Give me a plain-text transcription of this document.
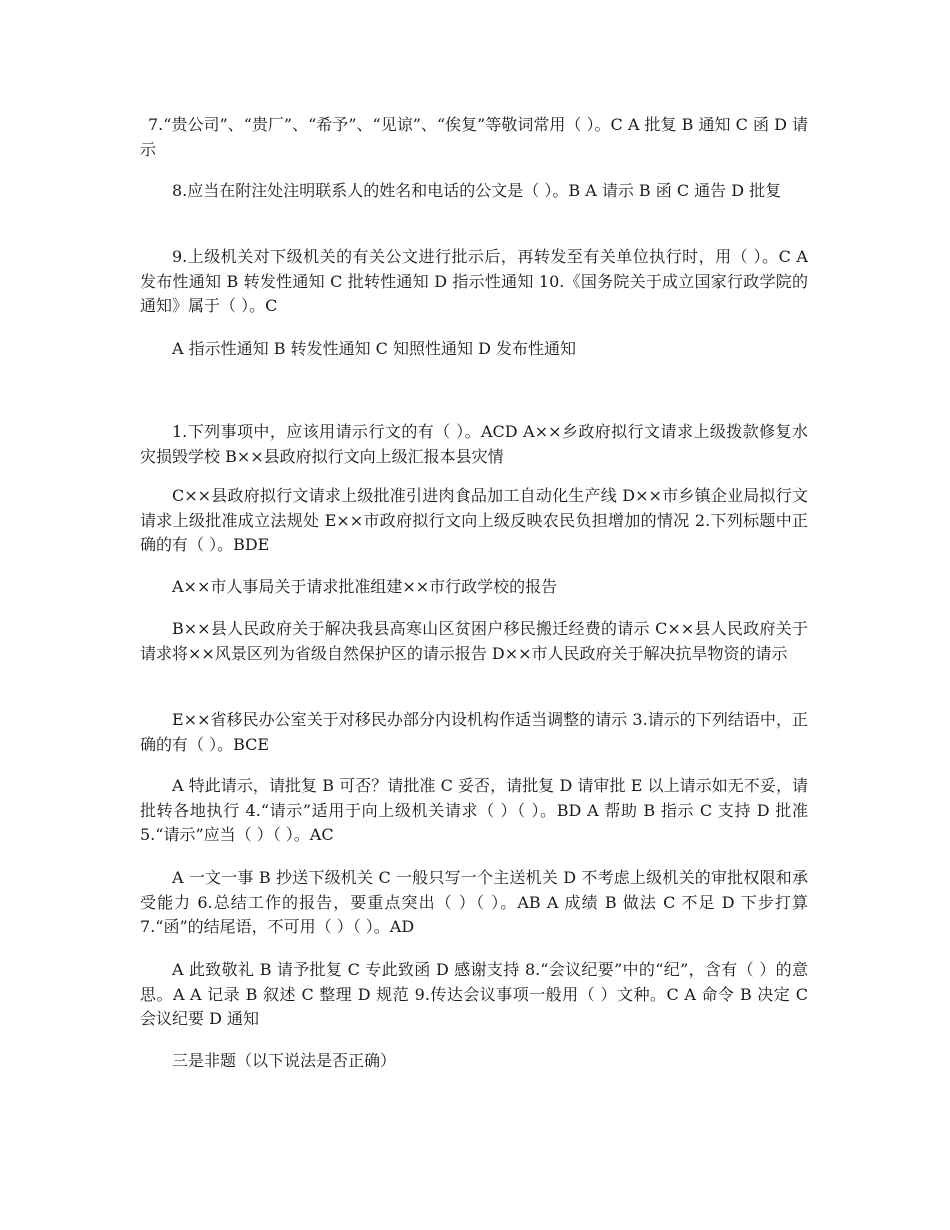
7.“贵公司”、“贵厂”、“希予”、“见谅”、“俟复”等敬词常用（ ）。C A 批复 B 通知 C 函 D 请示

8.应当在附注处注明联系人的姓名和电话的公文是（ ）。B A 请示 B 函 C 通告 D 批复

9.上级机关对下级机关的有关公文进行批示后，再转发至有关单位执行时，用（ ）。C A 发布性通知 B 转发性通知 C 批转性通知 D 指示性通知 10.《国务院关于成立国家行政学院的通知》属于（ ）。C

A 指示性通知 B 转发性通知 C 知照性通知 D 发布性通知

1.下列事项中，应该用请示行文的有（ ）。ACD A××乡政府拟行文请求上级拨款修复水灾损毁学校 B××县政府拟行文向上级汇报本县灾情

C××县政府拟行文请求上级批准引进肉食品加工自动化生产线 D××市乡镇企业局拟行文请求上级批准成立法规处 E××市政府拟行文向上级反映农民负担增加的情况 2.下列标题中正确的有（ ）。BDE

A××市人事局关于请求批准组建××市行政学校的报告

B××县人民政府关于解决我县高寒山区贫困户移民搬迁经费的请示 C××县人民政府关于请求将××风景区列为省级自然保护区的请示报告 D××市人民政府关于解决抗旱物资的请示

E××省移民办公室关于对移民办部分内设机构作适当调整的请示 3.请示的下列结语中，正确的有（ ）。BCE

A 特此请示，请批复 B 可否？请批准 C 妥否，请批复 D 请审批 E 以上请示如无不妥，请批转各地执行 4.“请示”适用于向上级机关请求（ ）（ ）。BD A 帮助 B 指示 C 支持 D 批准 5.“请示”应当（ ）（ ）。AC

A 一文一事 B 抄送下级机关 C 一般只写一个主送机关 D 不考虑上级机关的审批权限和承受能力 6.总结工作的报告，要重点突出（ ）（ ）。AB A 成绩 B 做法 C 不足 D 下步打算 7.“函”的结尾语，不可用（ ）（ ）。AD

A 此致敬礼 B 请予批复 C 专此致函 D 感谢支持 8.“会议纪要”中的“纪”，含有（ ）的意思。A A 记录 B 叙述 C 整理 D 规范 9.传达会议事项一般用（ ）文种。C A 命令 B 决定 C 会议纪要 D 通知

三是非题（以下说法是否正确）
